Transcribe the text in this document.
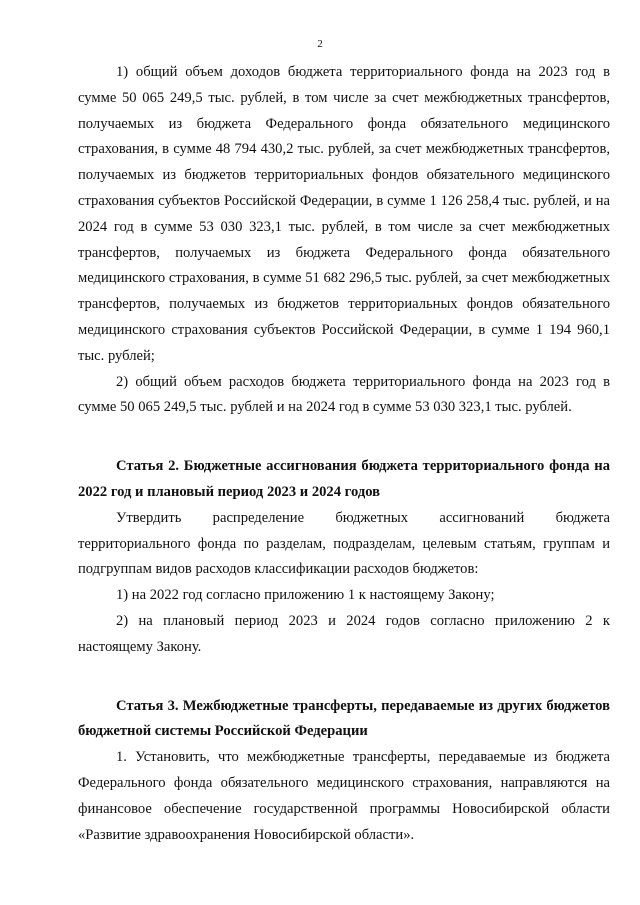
2

1) общий объем доходов бюджета территориального фонда на 2023 год в сумме 50 065 249,5 тыс. рублей, в том числе за счет межбюджетных трансфертов, получаемых из бюджета Федерального фонда обязательного медицинского страхования, в сумме 48 794 430,2 тыс. рублей, за счет межбюджетных трансфертов, получаемых из бюджетов территориальных фондов обязательного медицинского страхования субъектов Российской Федерации, в сумме 1 126 258,4 тыс. рублей, и на 2024 год в сумме 53 030 323,1 тыс. рублей, в том числе за счет межбюджетных трансфертов, получаемых из бюджета Федерального фонда обязательного медицинского страхования, в сумме 51 682 296,5 тыс. рублей, за счет межбюджетных трансфертов, получаемых из бюджетов территориальных фондов обязательного медицинского страхования субъектов Российской Федерации, в сумме 1 194 960,1 тыс. рублей;

2) общий объем расходов бюджета территориального фонда на 2023 год в сумме 50 065 249,5 тыс. рублей и на 2024 год в сумме 53 030 323,1 тыс. рублей.

Статья 2. Бюджетные ассигнования бюджета территориального фонда на 2022 год и плановый период 2023 и 2024 годов

Утвердить распределение бюджетных ассигнований бюджета территориального фонда по разделам, подразделам, целевым статьям, группам и подгруппам видов расходов классификации расходов бюджетов:

1) на 2022 год согласно приложению 1 к настоящему Закону;

2) на плановый период 2023 и 2024 годов согласно приложению 2 к настоящему Закону.

Статья 3. Межбюджетные трансферты, передаваемые из других бюджетов бюджетной системы Российской Федерации

1. Установить, что межбюджетные трансферты, передаваемые из бюджета Федерального фонда обязательного медицинского страхования, направляются на финансовое обеспечение государственной программы Новосибирской области «Развитие здравоохранения Новосибирской области».
